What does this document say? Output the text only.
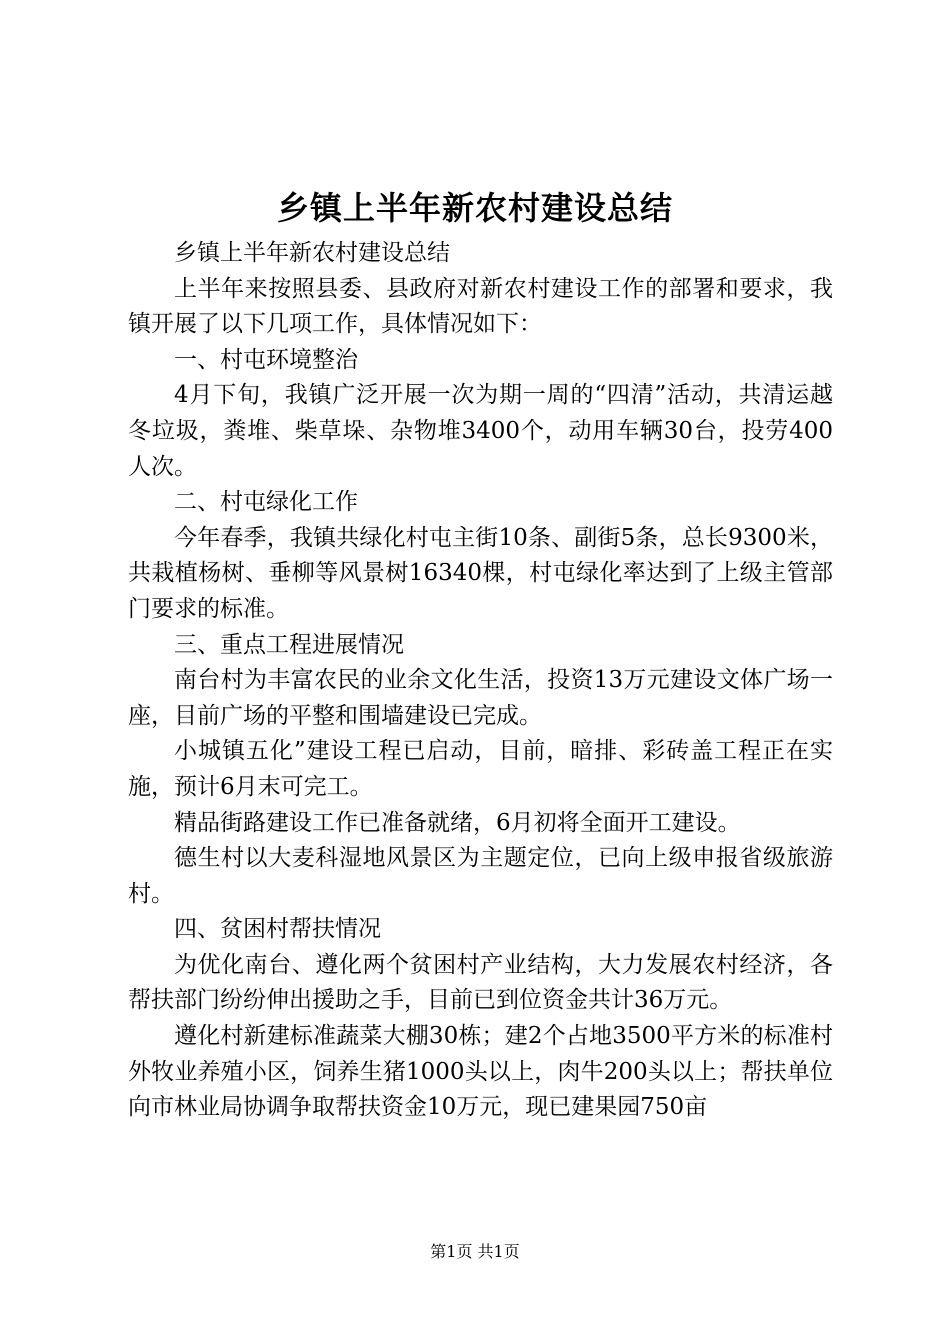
乡镇上半年新农村建设总结

乡镇上半年新农村建设总结

上半年来按照县委、县政府对新农村建设工作的部署和要求，我镇开展了以下几项工作，具体情况如下：

一、村屯环境整治

4月下旬，我镇广泛开展一次为期一周的“四清”活动，共清运越冬垃圾，粪堆、柴草垛、杂物堆3400个，动用车辆30台，投劳400人次。

二、村屯绿化工作

今年春季，我镇共绿化村屯主街10条、副街5条，总长9300米，共栽植杨树、垂柳等风景树16340棵，村屯绿化率达到了上级主管部门要求的标准。

三、重点工程进展情况

南台村为丰富农民的业余文化生活，投资13万元建设文体广场一座，目前广场的平整和围墙建设已完成。

小城镇五化”建设工程已启动，目前，暗排、彩砖盖工程正在实施，预计6月末可完工。

精品街路建设工作已准备就绪，6月初将全面开工建设。

德生村以大麦科湿地风景区为主题定位，已向上级申报省级旅游村。

四、贫困村帮扶情况

为优化南台、遵化两个贫困村产业结构，大力发展农村经济，各帮扶部门纷纷伸出援助之手，目前已到位资金共计36万元。

遵化村新建标准蔬菜大棚30栋；建2个占地3500平方米的标准村外牧业养殖小区，饲养生猪1000头以上，肉牛200头以上；帮扶单位向市林业局协调争取帮扶资金10万元，现已建果园750亩

第1页 共1页
